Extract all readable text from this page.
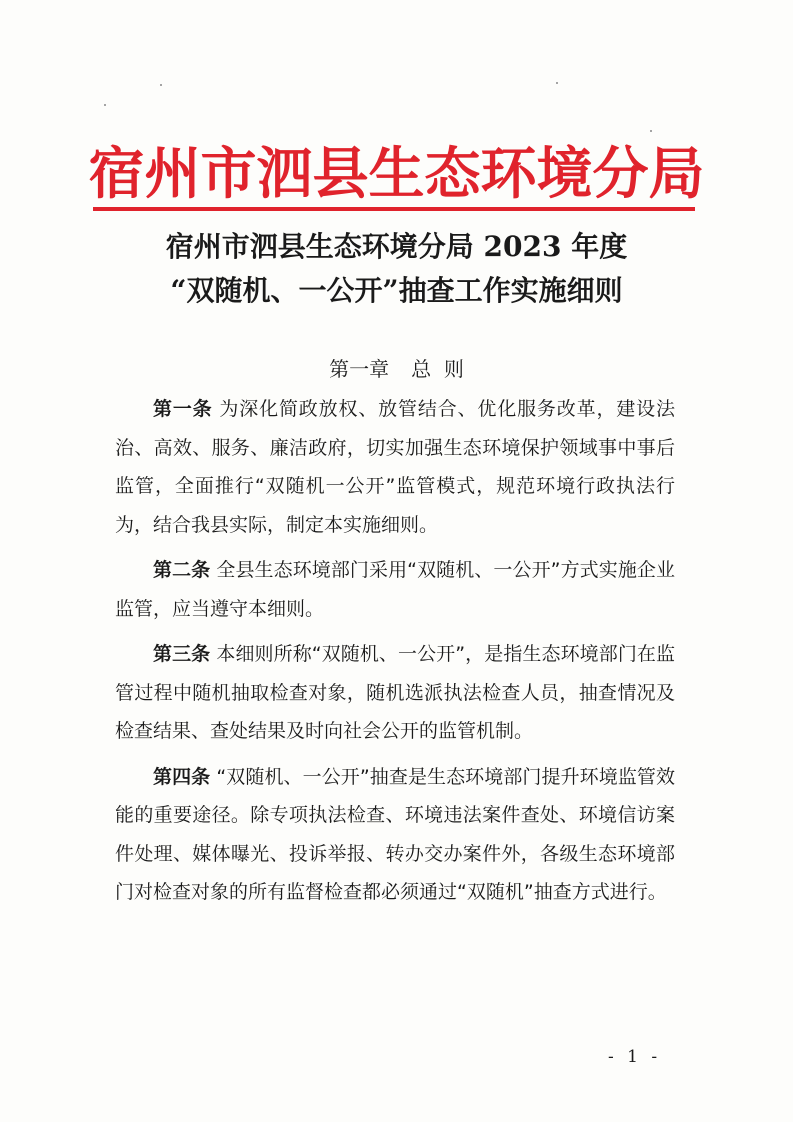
宿州市泗县生态环境分局
宿州市泗县生态环境分局 2023 年度
“双随机、一公开”抽查工作实施细则
第一章 总  则

第一条 为深化简政放权、放管结合、优化服务改革，建设法治、高效、服务、廉洁政府，切实加强生态环境保护领域事中事后监管，全面推行“双随机一公开”监管模式，规范环境行政执法行为，结合我县实际，制定本实施细则。

第二条 全县生态环境部门采用“双随机、一公开”方式实施企业监管，应当遵守本细则。

第三条 本细则所称“双随机、一公开”，是指生态环境部门在监管过程中随机抽取检查对象，随机选派执法检查人员，抽查情况及检查结果、查处结果及时向社会公开的监管机制。

第四条 “双随机、一公开”抽查是生态环境部门提升环境监管效能的重要途径。除专项执法检查、环境违法案件查处、环境信访案件处理、媒体曝光、投诉举报、转办交办案件外，各级生态环境部门对检查对象的所有监督检查都必须通过“双随机”抽查方式进行。

- 1 -
